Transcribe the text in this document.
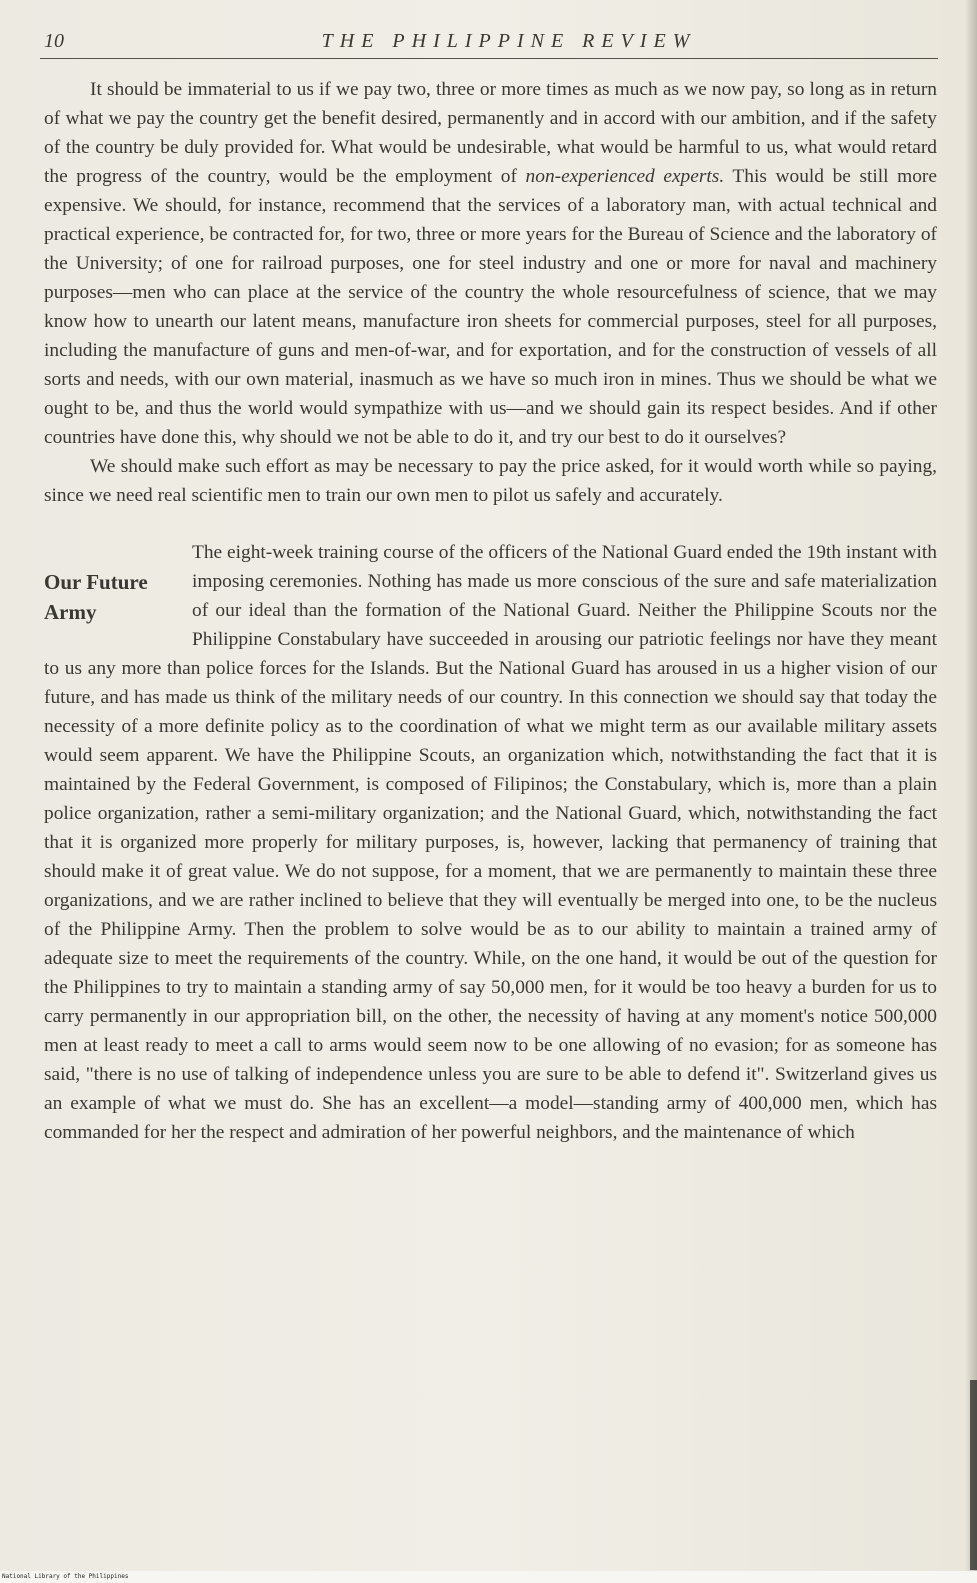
10	THE PHILIPPINE REVIEW

It should be immaterial to us if we pay two, three or more times as much as we now pay, so long as in return of what we pay the country get the benefit desired, permanently and in accord with our ambition, and if the safety of the country be duly provided for. What would be undesirable, what would be harmful to us, what would retard the progress of the country, would be the employment of non-experienced experts. This would be still more expensive. We should, for instance, recommend that the services of a laboratory man, with actual technical and practical experience, be contracted for, for two, three or more years for the Bureau of Science and the laboratory of the University; of one for railroad purposes, one for steel industry and one or more for naval and machinery purposes—men who can place at the service of the country the whole resourcefulness of science, that we may know how to unearth our latent means, manufacture iron sheets for commercial purposes, steel for all purposes, including the manufacture of guns and men-of-war, and for exportation, and for the construction of vessels of all sorts and needs, with our own material, inasmuch as we have so much iron in mines. Thus we should be what we ought to be, and thus the world would sympathize with us—and we should gain its respect besides. And if other countries have done this, why should we not be able to do it, and try our best to do it ourselves?

We should make such effort as may be necessary to pay the price asked, for it would worth while so paying, since we need real scientific men to train our own men to pilot us safely and accurately.

Our Future
Army

The eight-week training course of the officers of the National Guard ended the 19th instant with imposing ceremonies. Nothing has made us more conscious of the sure and safe materialization of our ideal than the formation of the National Guard. Neither the Philippine Scouts nor the Philippine Constabulary have succeeded in arousing our patriotic feelings nor have they meant to us any more than police forces for the Islands. But the National Guard has aroused in us a higher vision of our future, and has made us think of the military needs of our country. In this connection we should say that today the necessity of a more definite policy as to the coordination of what we might term as our available military assets would seem apparent. We have the Philippine Scouts, an organization which, notwithstanding the fact that it is maintained by the Federal Government, is composed of Filipinos; the Constabulary, which is, more than a plain police organization, rather a semi-military organization; and the National Guard, which, notwithstanding the fact that it is organized more properly for military purposes, is, however, lacking that permanency of training that should make it of great value. We do not suppose, for a moment, that we are permanently to maintain these three organizations, and we are rather inclined to believe that they will eventually be merged into one, to be the nucleus of the Philippine Army. Then the problem to solve would be as to our ability to maintain a trained army of adequate size to meet the requirements of the country. While, on the one hand, it would be out of the question for the Philippines to try to maintain a standing army of say 50,000 men, for it would be too heavy a burden for us to carry permanently in our appropriation bill, on the other, the necessity of having at any moment's notice 500,000 men at least ready to meet a call to arms would seem now to be one allowing of no evasion; for as someone has said, "there is no use of talking of independence unless you are sure to be able to defend it". Switzerland gives us an example of what we must do. She has an excellent—a model—standing army of 400,000 men, which has commanded for her the respect and admiration of her powerful neighbors, and the maintenance of which

National Library of the Philippines
